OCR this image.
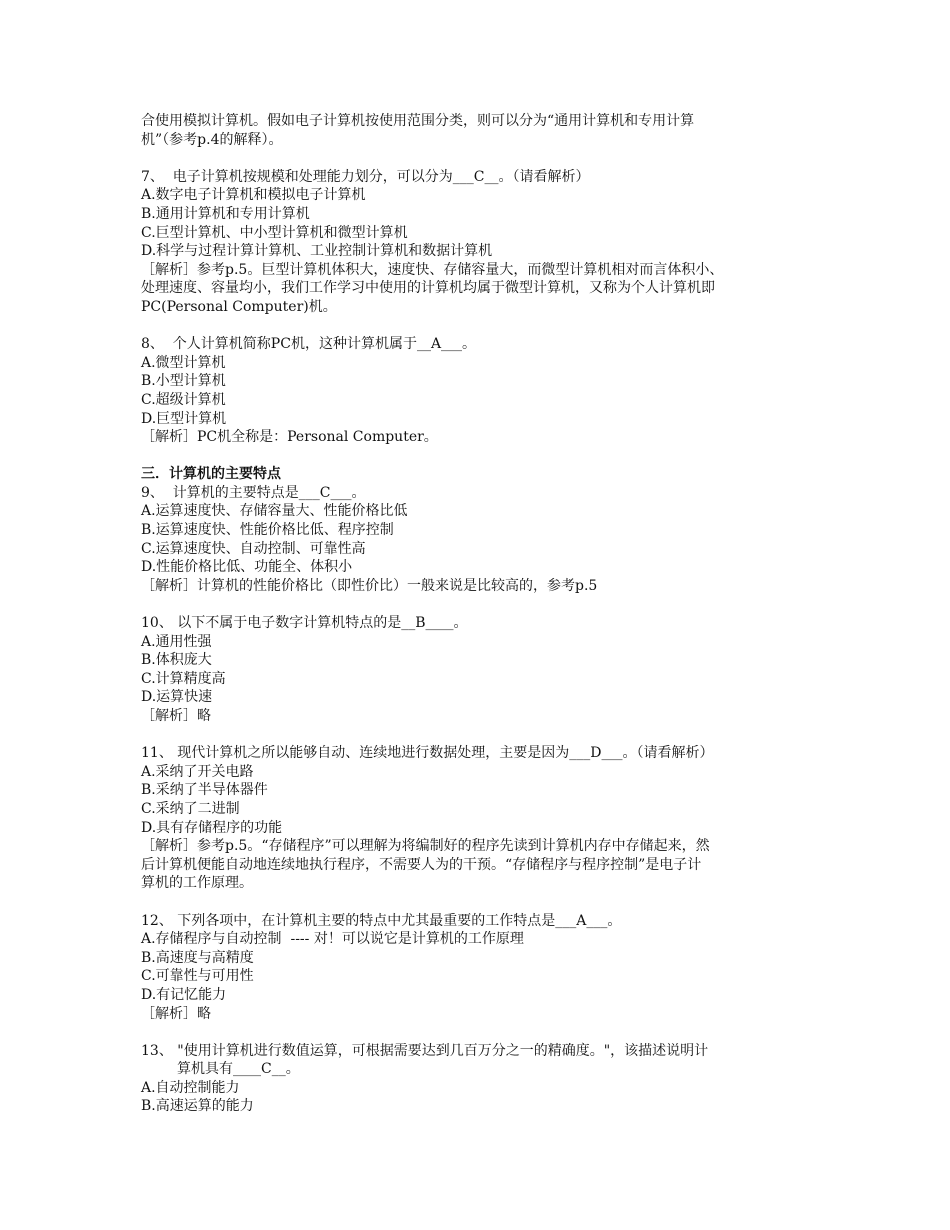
合使用模拟计算机。假如电子计算机按使用范围分类，则可以分为“通用计算机和专用计算
机”（参考p.4的解释）。
7、  电子计算机按规模和处理能力划分，可以分为___C__。（请看解析）
A.数字电子计算机和模拟电子计算机
B.通用计算机和专用计算机
C.巨型计算机、中小型计算机和微型计算机
D.科学与过程计算计算机、工业控制计算机和数据计算机
［解析］参考p.5。巨型计算机体积大，速度快、存储容量大，而微型计算机相对而言体积小、
处理速度、容量均小，我们工作学习中使用的计算机均属于微型计算机，又称为个人计算机即
PC(Personal Computer)机。
8、  个人计算机简称PC机，这种计算机属于__A___。
A.微型计算机
B.小型计算机
C.超级计算机
D.巨型计算机
［解析］PC机全称是：Personal Computer。
三．计算机的主要特点
9、  计算机的主要特点是___C___。
A.运算速度快、存储容量大、性能价格比低
B.运算速度快、性能价格比低、程序控制
C.运算速度快、自动控制、可靠性高
D.性能价格比低、功能全、体积小
［解析］计算机的性能价格比（即性价比）一般来说是比较高的，参考p.5
10、 以下不属于电子数字计算机特点的是__B____。
A.通用性强
B.体积庞大
C.计算精度高
D.运算快速
［解析］略
11、 现代计算机之所以能够自动、连续地进行数据处理，主要是因为___D___。（请看解析）
A.采纳了开关电路
B.采纳了半导体器件
C.采纳了二进制
D.具有存储程序的功能
［解析］参考p.5。“存储程序”可以理解为将编制好的程序先读到计算机内存中存储起来，然
后计算机便能自动地连续地执行程序，不需要人为的干预。“存储程序与程序控制”是电子计
算机的工作原理。
12、 下列各项中，在计算机主要的特点中尤其最重要的工作特点是___A___。
A.存储程序与自动控制  ---- 对！可以说它是计算机的工作原理
B.高速度与高精度
C.可靠性与可用性
D.有记忆能力
［解析］略
13、 "使用计算机进行数值运算，可根据需要达到几百万分之一的精确度。"，该描述说明计
算机具有____C__。
A.自动控制能力
B.高速运算的能力
